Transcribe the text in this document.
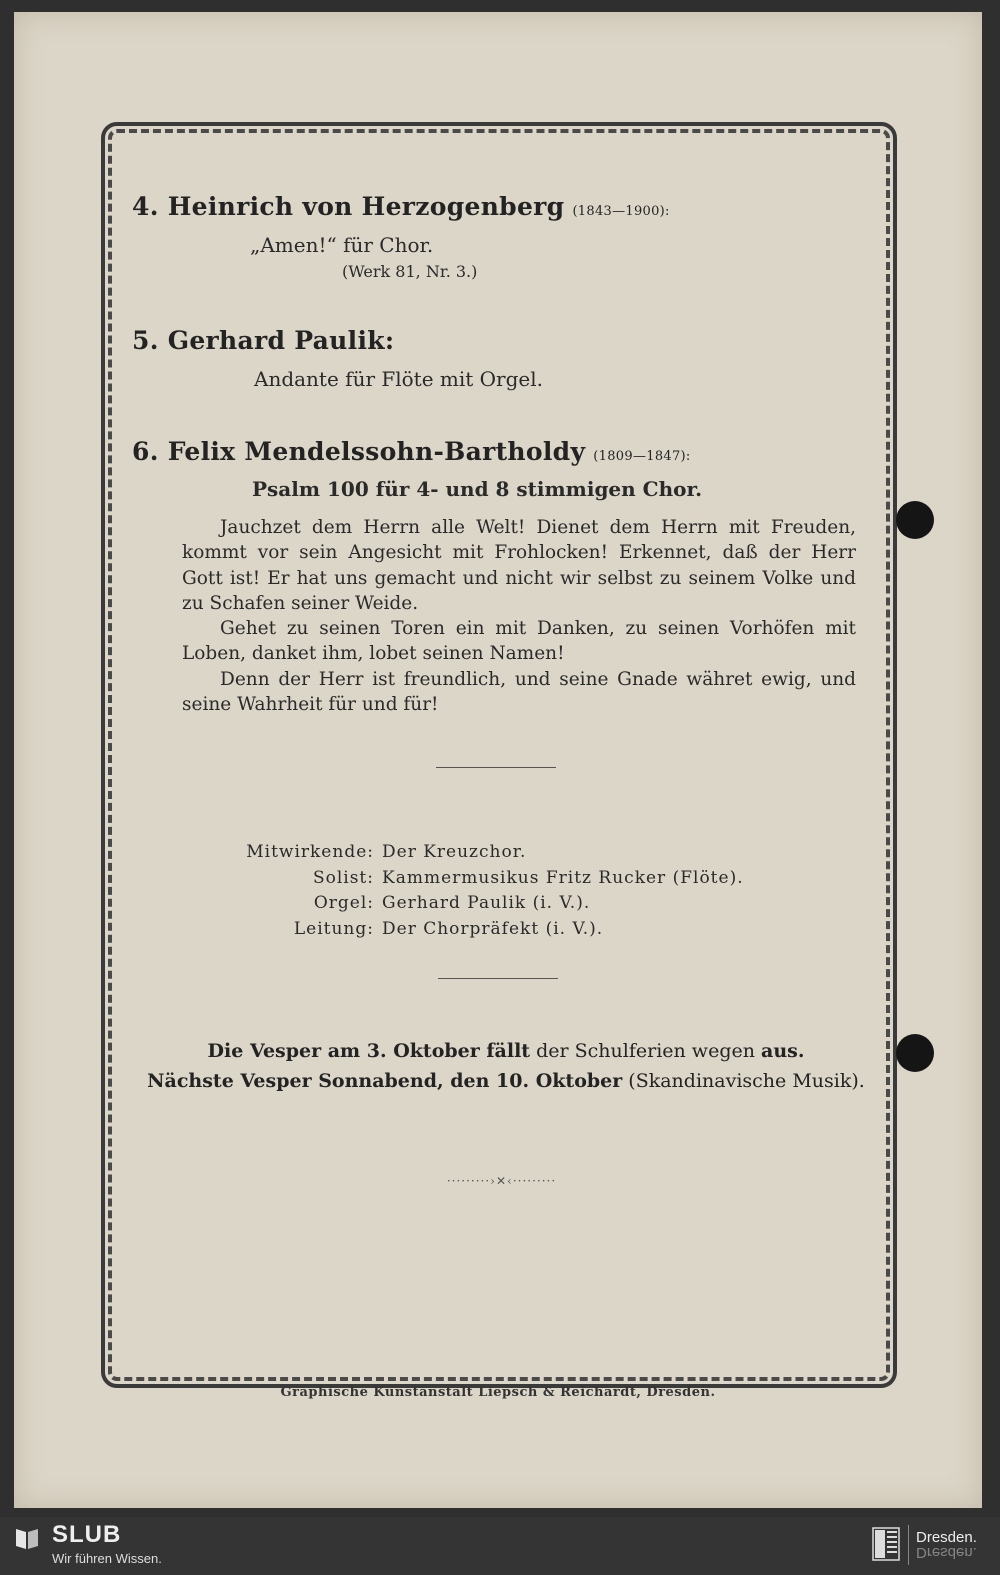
4. Heinrich von Herzogenberg (1843—1900):
„Amen!“ für Chor.
(Werk 81, Nr. 3.)
5. Gerhard Paulik:
Andante für Flöte mit Orgel.
6. Felix Mendelssohn-Bartholdy (1809—1847):
Psalm 100 für 4- und 8 stimmigen Chor.

Jauchzet dem Herrn alle Welt! Dienet dem Herrn mit Freuden, kommt vor sein Angesicht mit Frohlocken! Erkennet, daß der Herr Gott ist! Er hat uns gemacht und nicht wir selbst zu seinem Volke und zu Schafen seiner Weide.

Gehet zu seinen Toren ein mit Danken, zu seinen Vorhöfen mit Loben, danket ihm, lobet seinen Namen!

Denn der Herr ist freundlich, und seine Gnade währet ewig, und seine Wahrheit für und für!

Mitwirkende: Der Kreuzchor.
Solist: Kammermusikus Fritz Rucker (Flöte).
Orgel: Gerhard Paulik (i. V.).
Leitung: Der Chorpräfekt (i. V.).
Die Vesper am 3. Oktober fällt der Schulferien wegen aus.
Nächste Vesper Sonnabend, den 10. Oktober (Skandinavische Musik).
·········›✕‹·········
Graphische Kunstanstalt Liepsch & Reichardt, Dresden.
SLUB
Wir führen Wissen.
Dresden.
Dresden.
